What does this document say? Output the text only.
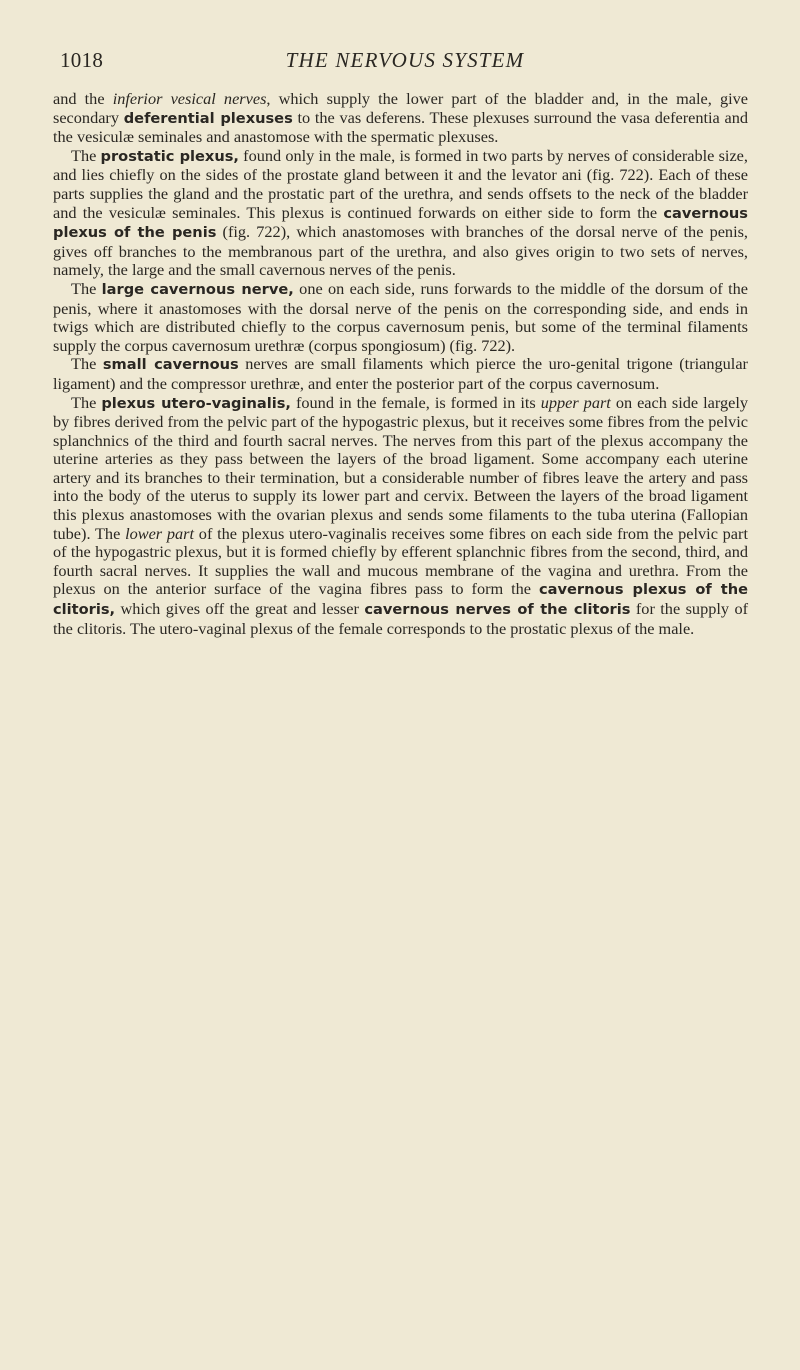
1018	THE NERVOUS SYSTEM

and the inferior vesical nerves, which supply the lower part of the bladder and, in the male, give secondary deferential plexuses to the vas deferens. These plexuses surround the vasa deferentia and the vesiculæ seminales and anastomose with the spermatic plexuses.

The prostatic plexus, found only in the male, is formed in two parts by nerves of considerable size, and lies chiefly on the sides of the prostate gland between it and the levator ani (fig. 722). Each of these parts supplies the gland and the prostatic part of the urethra, and sends offsets to the neck of the bladder and the vesiculæ seminales. This plexus is continued forwards on either side to form the cavernous plexus of the penis (fig. 722), which anastomoses with branches of the dorsal nerve of the penis, gives off branches to the membranous part of the urethra, and also gives origin to two sets of nerves, namely, the large and the small cavernous nerves of the penis.

The large cavernous nerve, one on each side, runs forwards to the middle of the dorsum of the penis, where it anastomoses with the dorsal nerve of the penis on the corresponding side, and ends in twigs which are distributed chiefly to the corpus cavernosum penis, but some of the terminal filaments supply the corpus cavernosum urethræ (corpus spongiosum) (fig. 722).

The small cavernous nerves are small filaments which pierce the uro-genital trigone (triangular ligament) and the compressor urethræ, and enter the posterior part of the corpus cavernosum.

The plexus utero-vaginalis, found in the female, is formed in its upper part on each side largely by fibres derived from the pelvic part of the hypogastric plexus, but it receives some fibres from the pelvic splanchnics of the third and fourth sacral nerves. The nerves from this part of the plexus accompany the uterine arteries as they pass between the layers of the broad ligament. Some accompany each uterine artery and its branches to their termination, but a considerable number of fibres leave the artery and pass into the body of the uterus to supply its lower part and cervix. Between the layers of the broad ligament this plexus anastomoses with the ovarian plexus and sends some filaments to the tuba uterina (Fallopian tube). The lower part of the plexus utero-vaginalis receives some fibres on each side from the pelvic part of the hypogastric plexus, but it is formed chiefly by efferent splanchnic fibres from the second, third, and fourth sacral nerves. It supplies the wall and mucous membrane of the vagina and urethra. From the plexus on the anterior surface of the vagina fibres pass to form the cavernous plexus of the clitoris, which gives off the great and lesser cavernous nerves of the clitoris for the supply of the clitoris. The utero-vaginal plexus of the female corresponds to the prostatic plexus of the male.
